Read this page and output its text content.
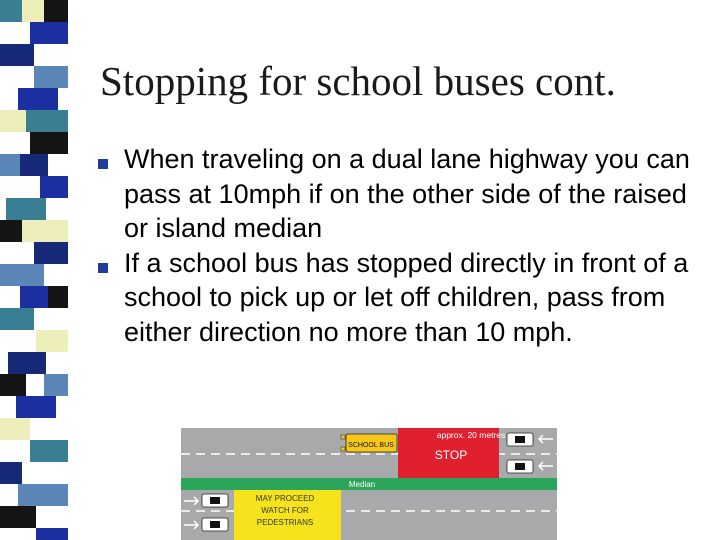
Stopping for school buses cont.
When traveling on a dual lane highway you can pass at 10mph if on the other side of the raised or island median
If a school bus has stopped directly in front of a school to pick up or let off children, pass from either direction no more than 10 mph.
approx. 20 metres
STOP
SCHOOL BUS
Median
MAY PROCEED
WATCH FOR
PEDESTRIANS
